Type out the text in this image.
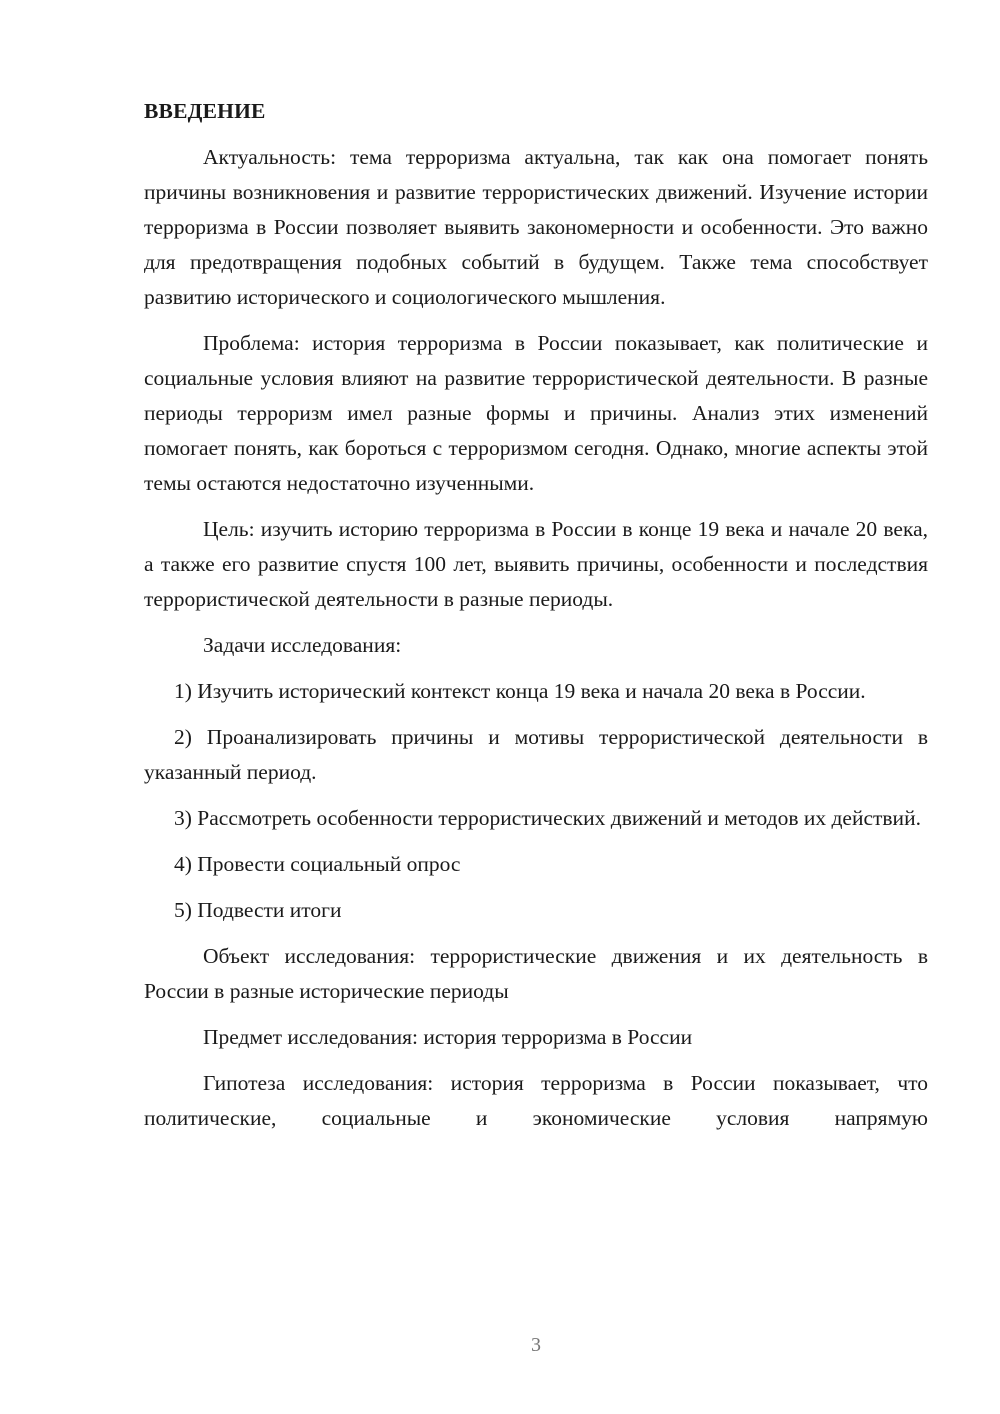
ВВЕДЕНИЕ

Актуальность: тема терроризма актуальна, так как она помогает понять причины возникновения и развитие террористических движений. Изучение истории терроризма в России позволяет выявить закономерности и особенности. Это важно для предотвращения подобных событий в будущем. Также тема способствует развитию исторического и социологического мышления.

Проблема: история терроризма в России показывает, как политические и социальные условия влияют на развитие террористической деятельности. В разные периоды терроризм имел разные формы и причины. Анализ этих изменений помогает понять, как бороться с терроризмом сегодня. Однако, многие аспекты этой темы остаются недостаточно изученными.

Цель: изучить историю терроризма в России в конце 19 века и начале 20 века, а также его развитие спустя 100 лет, выявить причины, особенности и последствия террористической деятельности в разные периоды.

Задачи исследования:

1) Изучить исторический контекст конца 19 века и начала 20 века в России.

2) Проанализировать причины и мотивы террористической деятельности в указанный период.

3) Рассмотреть особенности террористических движений и методов их действий.

4) Провести социальный опрос

5) Подвести итоги

Объект исследования: террористические движения и их деятельность в России в разные исторические периоды

Предмет исследования: история терроризма в России

Гипотеза исследования: история терроризма в России показывает, что политические, социальные и экономические условия напрямую

3
